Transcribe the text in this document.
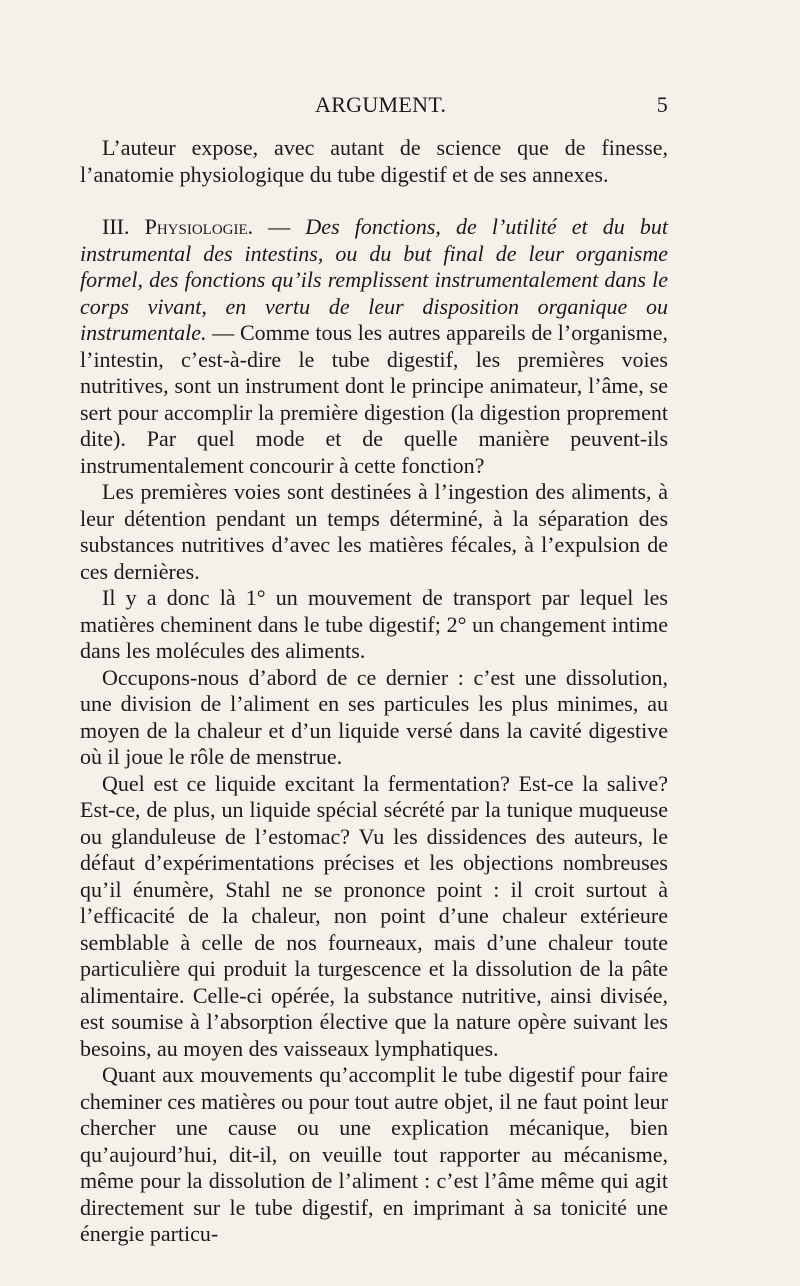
ARGUMENT.	5

L’auteur expose, avec autant de science que de finesse, l’anatomie physiologique du tube digestif et de ses annexes.

III. Physiologie. — Des fonctions, de l’utilité et du but instrumental des intestins, ou du but final de leur organisme formel, des fonctions qu’ils remplissent instrumentalement dans le corps vivant, en vertu de leur disposition organique ou instrumentale. — Comme tous les autres appareils de l’organisme, l’intestin, c’est-à-dire le tube digestif, les premières voies nutritives, sont un instrument dont le principe animateur, l’âme, se sert pour accomplir la première digestion (la digestion proprement dite). Par quel mode et de quelle manière peuvent-ils instrumentalement concourir à cette fonction?

Les premières voies sont destinées à l’ingestion des aliments, à leur détention pendant un temps déterminé, à la séparation des substances nutritives d’avec les matières fécales, à l’expulsion de ces dernières.

Il y a donc là 1° un mouvement de transport par lequel les matières cheminent dans le tube digestif; 2° un changement intime dans les molécules des aliments.

Occupons-nous d’abord de ce dernier : c’est une dissolution, une division de l’aliment en ses particules les plus minimes, au moyen de la chaleur et d’un liquide versé dans la cavité digestive où il joue le rôle de menstrue.

Quel est ce liquide excitant la fermentation? Est-ce la salive? Est-ce, de plus, un liquide spécial sécrété par la tunique muqueuse ou glanduleuse de l’estomac? Vu les dissidences des auteurs, le défaut d’expérimentations précises et les objections nombreuses qu’il énumère, Stahl ne se prononce point : il croit surtout à l’efficacité de la chaleur, non point d’une chaleur extérieure semblable à celle de nos fourneaux, mais d’une chaleur toute particulière qui produit la turgescence et la dissolution de la pâte alimentaire. Celle-ci opérée, la substance nutritive, ainsi divisée, est soumise à l’absorption élective que la nature opère suivant les besoins, au moyen des vaisseaux lymphatiques.

Quant aux mouvements qu’accomplit le tube digestif pour faire cheminer ces matières ou pour tout autre objet, il ne faut point leur chercher une cause ou une explication mécanique, bien qu’aujourd’hui, dit-il, on veuille tout rapporter au mécanisme, même pour la dissolution de l’aliment : c’est l’âme même qui agit directement sur le tube digestif, en imprimant à sa tonicité une énergie particu-
